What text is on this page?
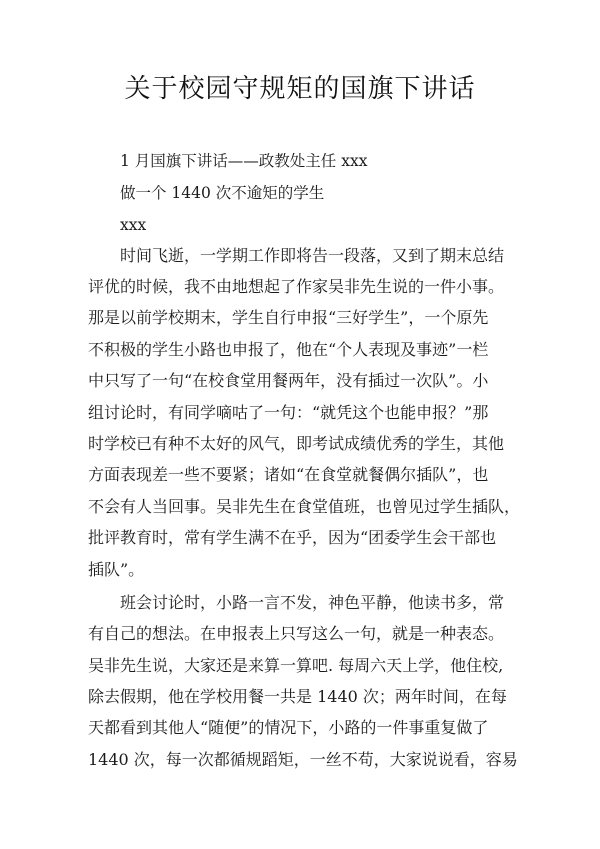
关于校园守规矩的国旗下讲话
1 月国旗下讲话——政教处主任 xxx
做一个 1440 次不逾矩的学生
xxx
时间飞逝，一学期工作即将告一段落，又到了期末总结
评优的时候，我不由地想起了作家吴非先生说的一件小事。
那是以前学校期末，学生自行申报“三好学生”，一个原先
不积极的学生小路也申报了，他在“个人表现及事迹”一栏
中只写了一句“在校食堂用餐两年，没有插过一次队”。小
组讨论时，有同学嘀咕了一句：“就凭这个也能申报？”那
时学校已有种不太好的风气，即考试成绩优秀的学生，其他
方面表现差一些不要紧；诸如“在食堂就餐偶尔插队”，也
不会有人当回事。吴非先生在食堂值班，也曾见过学生插队，
批评教育时，常有学生满不在乎，因为“团委学生会干部也
插队”。
班会讨论时，小路一言不发，神色平静，他读书多，常
有自己的想法。在申报表上只写这么一句，就是一种表态。
吴非先生说，大家还是来算一算吧. 每周六天上学，他住校,
除去假期，他在学校用餐一共是 1440 次；两年时间，在每
天都看到其他人“随便”的情况下，小路的一件事重复做了
1440 次，每一次都循规蹈矩，一丝不苟，大家说说看，容易
